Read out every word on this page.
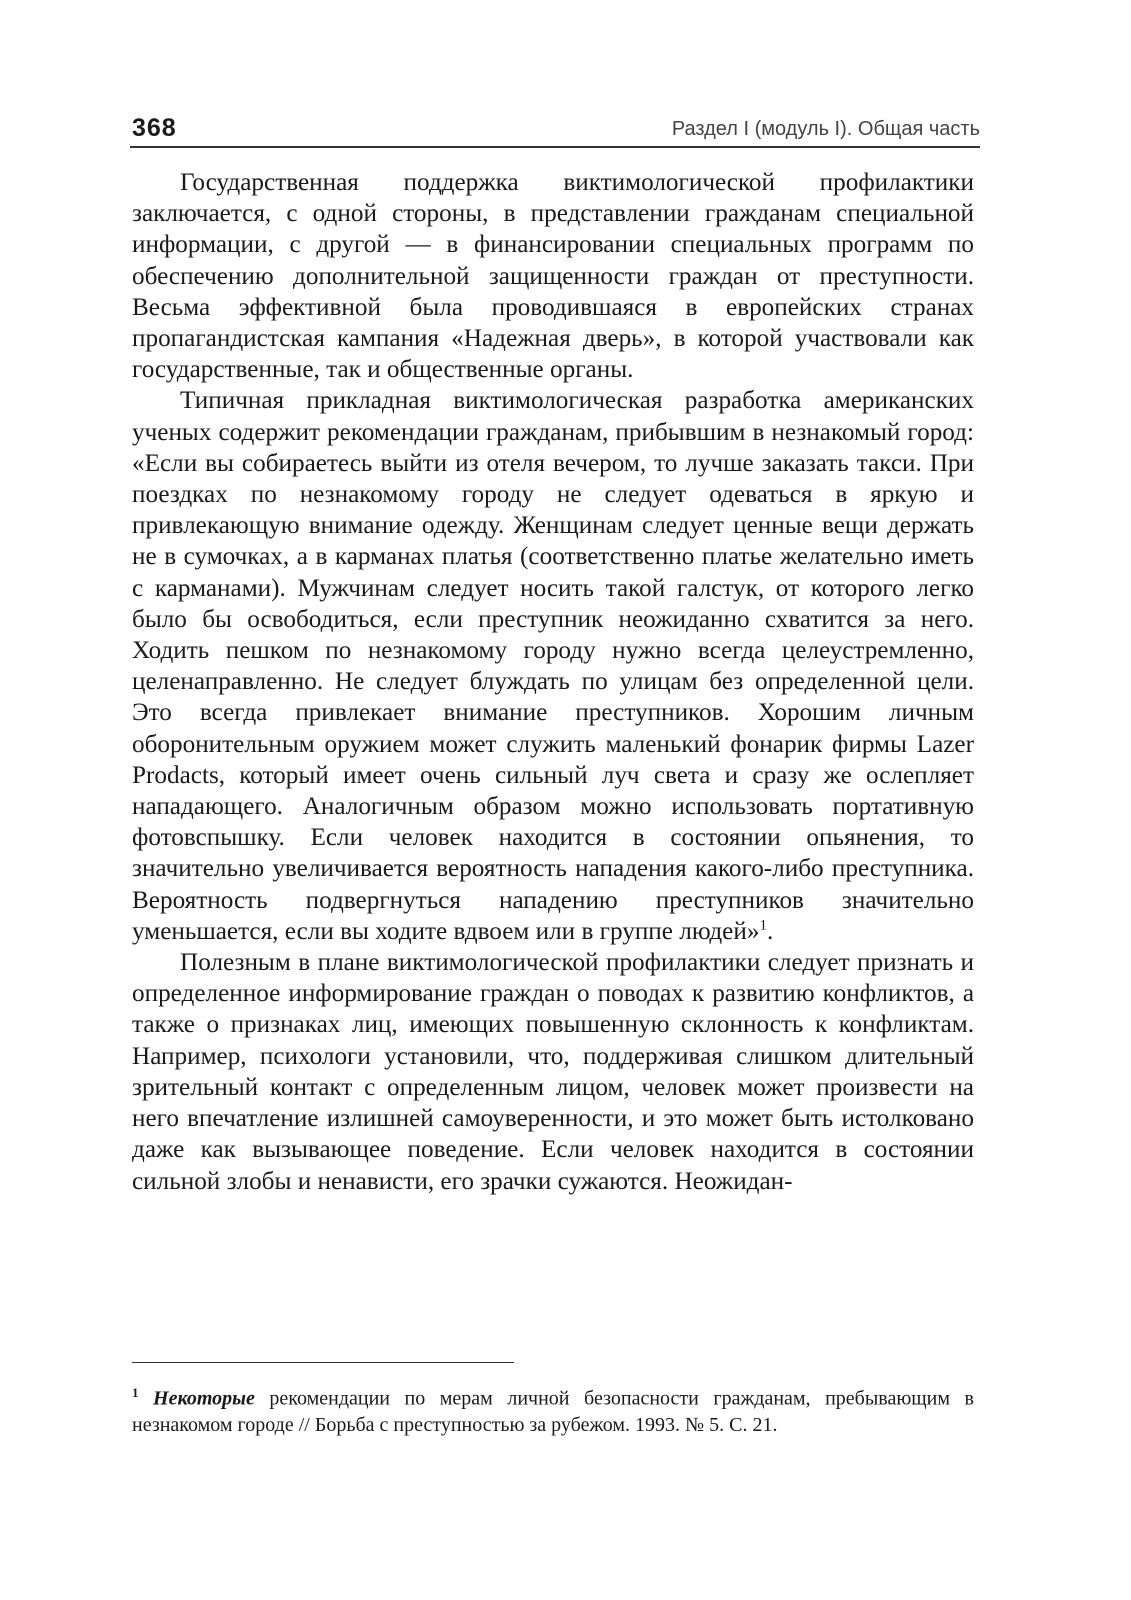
368	Раздел I (модуль I). Общая часть

Государственная поддержка виктимологической профилактики заключается, с одной стороны, в представлении гражданам специальной информации, с другой — в финансировании специальных программ по обеспечению дополнительной защищенности граждан от преступности. Весьма эффективной была проводившаяся в европейских странах пропагандистская кампания «Надежная дверь», в которой участвовали как государственные, так и общественные органы.

Типичная прикладная виктимологическая разработка американских ученых содержит рекомендации гражданам, прибывшим в незнакомый город: «Если вы собираетесь выйти из отеля вечером, то лучше заказать такси. При поездках по незнакомому городу не следует одеваться в яркую и привлекающую внимание одежду. Женщинам следует ценные вещи держать не в сумочках, а в карманах платья (соответственно платье желательно иметь с карманами). Мужчинам следует носить такой галстук, от которого легко было бы освободиться, если преступник неожиданно схватится за него. Ходить пешком по незнакомому городу нужно всегда целеустремленно, целенаправленно. Не следует блуждать по улицам без определенной цели. Это всегда привлекает внимание преступников. Хорошим личным оборонительным оружием может служить маленький фонарик фирмы Lazer Prodacts, который имеет очень сильный луч света и сразу же ослепляет нападающего. Аналогичным образом можно использовать портативную фотовспышку. Если человек находится в состоянии опьянения, то значительно увеличивается вероятность нападения какого-либо преступника. Вероятность подвергнуться нападению преступников значительно уменьшается, если вы ходите вдвоем или в группе людей»$^1$.

Полезным в плане виктимологической профилактики следует признать и определенное информирование граждан о поводах к развитию конфликтов, а также о признаках лиц, имеющих повышенную склонность к конфликтам. Например, психологи установили, что, поддерживая слишком длительный зрительный контакт с определенным лицом, человек может произвести на него впечатление излишней самоуверенности, и это может быть истолковано даже как вызывающее поведение. Если человек находится в состоянии сильной злобы и ненависти, его зрачки сужаются. Неожидан-

$^1$ Некоторые рекомендации по мерам личной безопасности гражданам, пребывающим в незнакомом городе // Борьба с преступностью за рубежом. 1993. № 5. С. 21.
